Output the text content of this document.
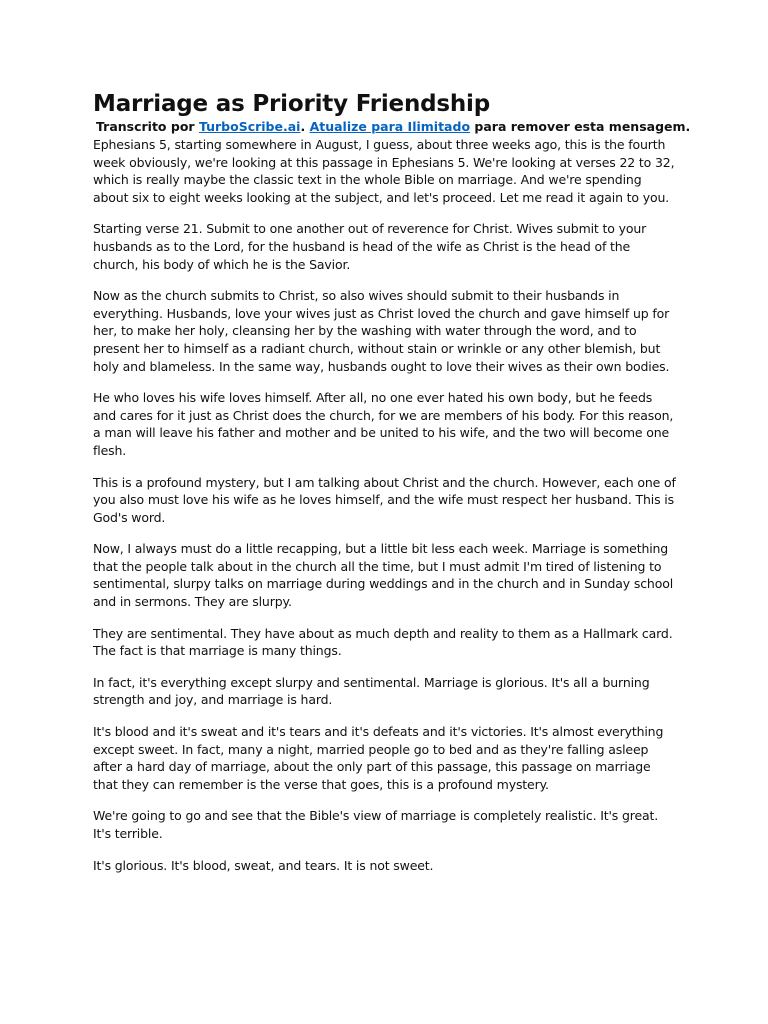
Marriage as Priority Friendship

Transcrito por TurboScribe.ai. Atualize para Ilimitado para remover esta mensagem.

Ephesians 5, starting somewhere in August, I guess, about three weeks ago, this is the fourth week obviously, we're looking at this passage in Ephesians 5. We're looking at verses 22 to 32, which is really maybe the classic text in the whole Bible on marriage. And we're spending about six to eight weeks looking at the subject, and let's proceed. Let me read it again to you.

Starting verse 21. Submit to one another out of reverence for Christ. Wives submit to your husbands as to the Lord, for the husband is head of the wife as Christ is the head of the church, his body of which he is the Savior.

Now as the church submits to Christ, so also wives should submit to their husbands in everything. Husbands, love your wives just as Christ loved the church and gave himself up for her, to make her holy, cleansing her by the washing with water through the word, and to present her to himself as a radiant church, without stain or wrinkle or any other blemish, but holy and blameless. In the same way, husbands ought to love their wives as their own bodies.

He who loves his wife loves himself. After all, no one ever hated his own body, but he feeds and cares for it just as Christ does the church, for we are members of his body. For this reason, a man will leave his father and mother and be united to his wife, and the two will become one flesh.

This is a profound mystery, but I am talking about Christ and the church. However, each one of you also must love his wife as he loves himself, and the wife must respect her husband. This is God's word.

Now, I always must do a little recapping, but a little bit less each week. Marriage is something that the people talk about in the church all the time, but I must admit I'm tired of listening to sentimental, slurpy talks on marriage during weddings and in the church and in Sunday school and in sermons. They are slurpy.

They are sentimental. They have about as much depth and reality to them as a Hallmark card. The fact is that marriage is many things.

In fact, it's everything except slurpy and sentimental. Marriage is glorious. It's all a burning strength and joy, and marriage is hard.

It's blood and it's sweat and it's tears and it's defeats and it's victories. It's almost everything except sweet. In fact, many a night, married people go to bed and as they're falling asleep after a hard day of marriage, about the only part of this passage, this passage on marriage that they can remember is the verse that goes, this is a profound mystery.

We're going to go and see that the Bible's view of marriage is completely realistic. It's great. It's terrible.

It's glorious. It's blood, sweat, and tears. It is not sweet.
